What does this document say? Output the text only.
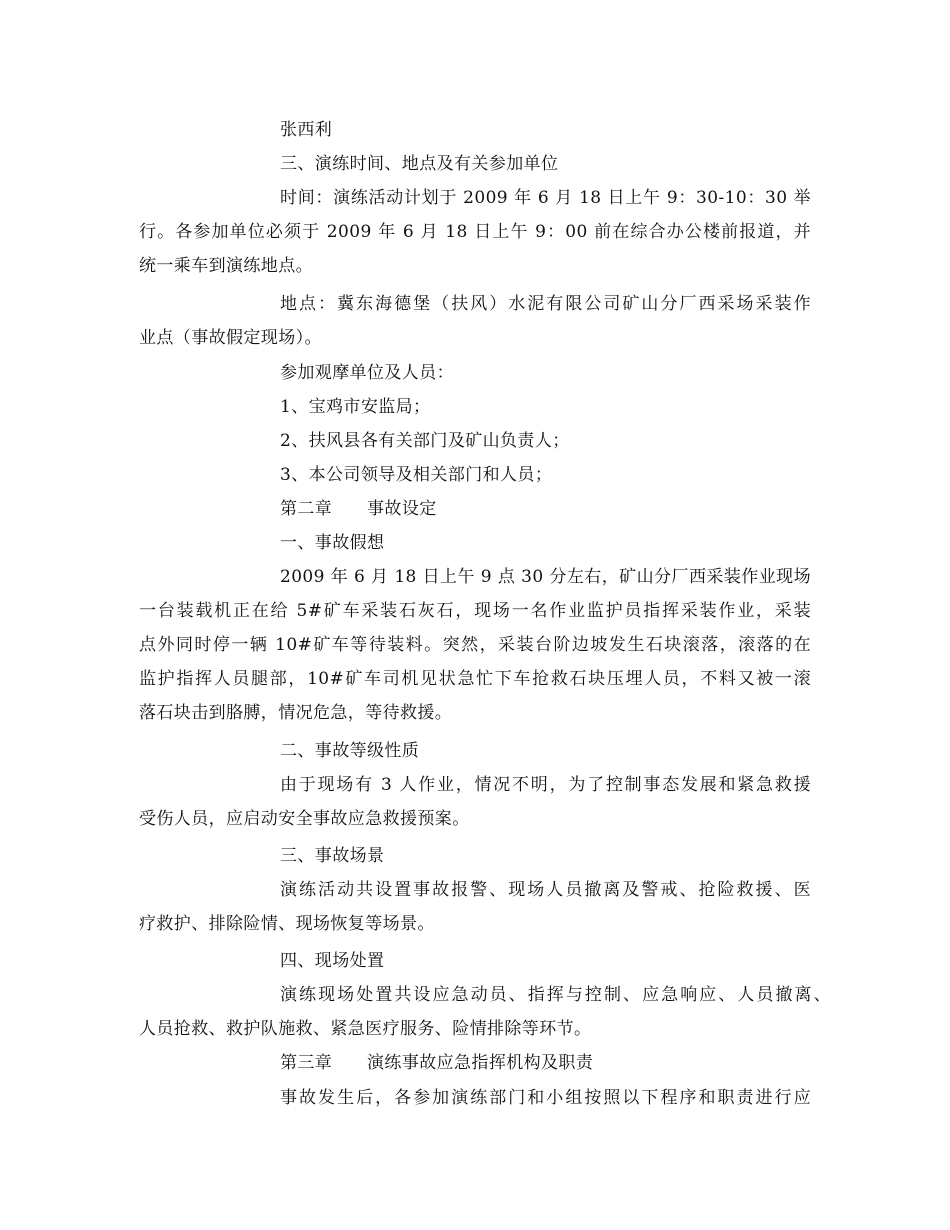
张西利
三、演练时间、地点及有关参加单位
时间：演练活动计划于 2009 年 6 月 18 日上午 9：30-10：30 举
行。各参加单位必须于 2009 年 6 月 18 日上午 9：00 前在综合办公楼前报道，并
统一乘车到演练地点。
地点：冀东海德堡（扶风）水泥有限公司矿山分厂西采场采装作
业点（事故假定现场）。
参加观摩单位及人员：
1、宝鸡市安监局；
2、扶风县各有关部门及矿山负责人；
3、本公司领导及相关部门和人员；
第二章      事故设定
一、事故假想
2009 年 6 月 18 日上午 9 点 30 分左右，矿山分厂西采装作业现场
一台装载机正在给 5#矿车采装石灰石，现场一名作业监护员指挥采装作业，采装
点外同时停一辆 10#矿车等待装料。突然，采装台阶边坡发生石块滚落，滚落的在
监护指挥人员腿部，10#矿车司机见状急忙下车抢救石块压埋人员，不料又被一滚
落石块击到胳膊，情况危急，等待救援。
二、事故等级性质
由于现场有 3 人作业，情况不明，为了控制事态发展和紧急救援
受伤人员，应启动安全事故应急救援预案。
三、事故场景
演练活动共设置事故报警、现场人员撤离及警戒、抢险救援、医
疗救护、排除险情、现场恢复等场景。
四、现场处置
演练现场处置共设应急动员、指挥与控制、应急响应、人员撤离、
人员抢救、救护队施救、紧急医疗服务、险情排除等环节。
第三章      演练事故应急指挥机构及职责
事故发生后，各参加演练部门和小组按照以下程序和职责进行应
